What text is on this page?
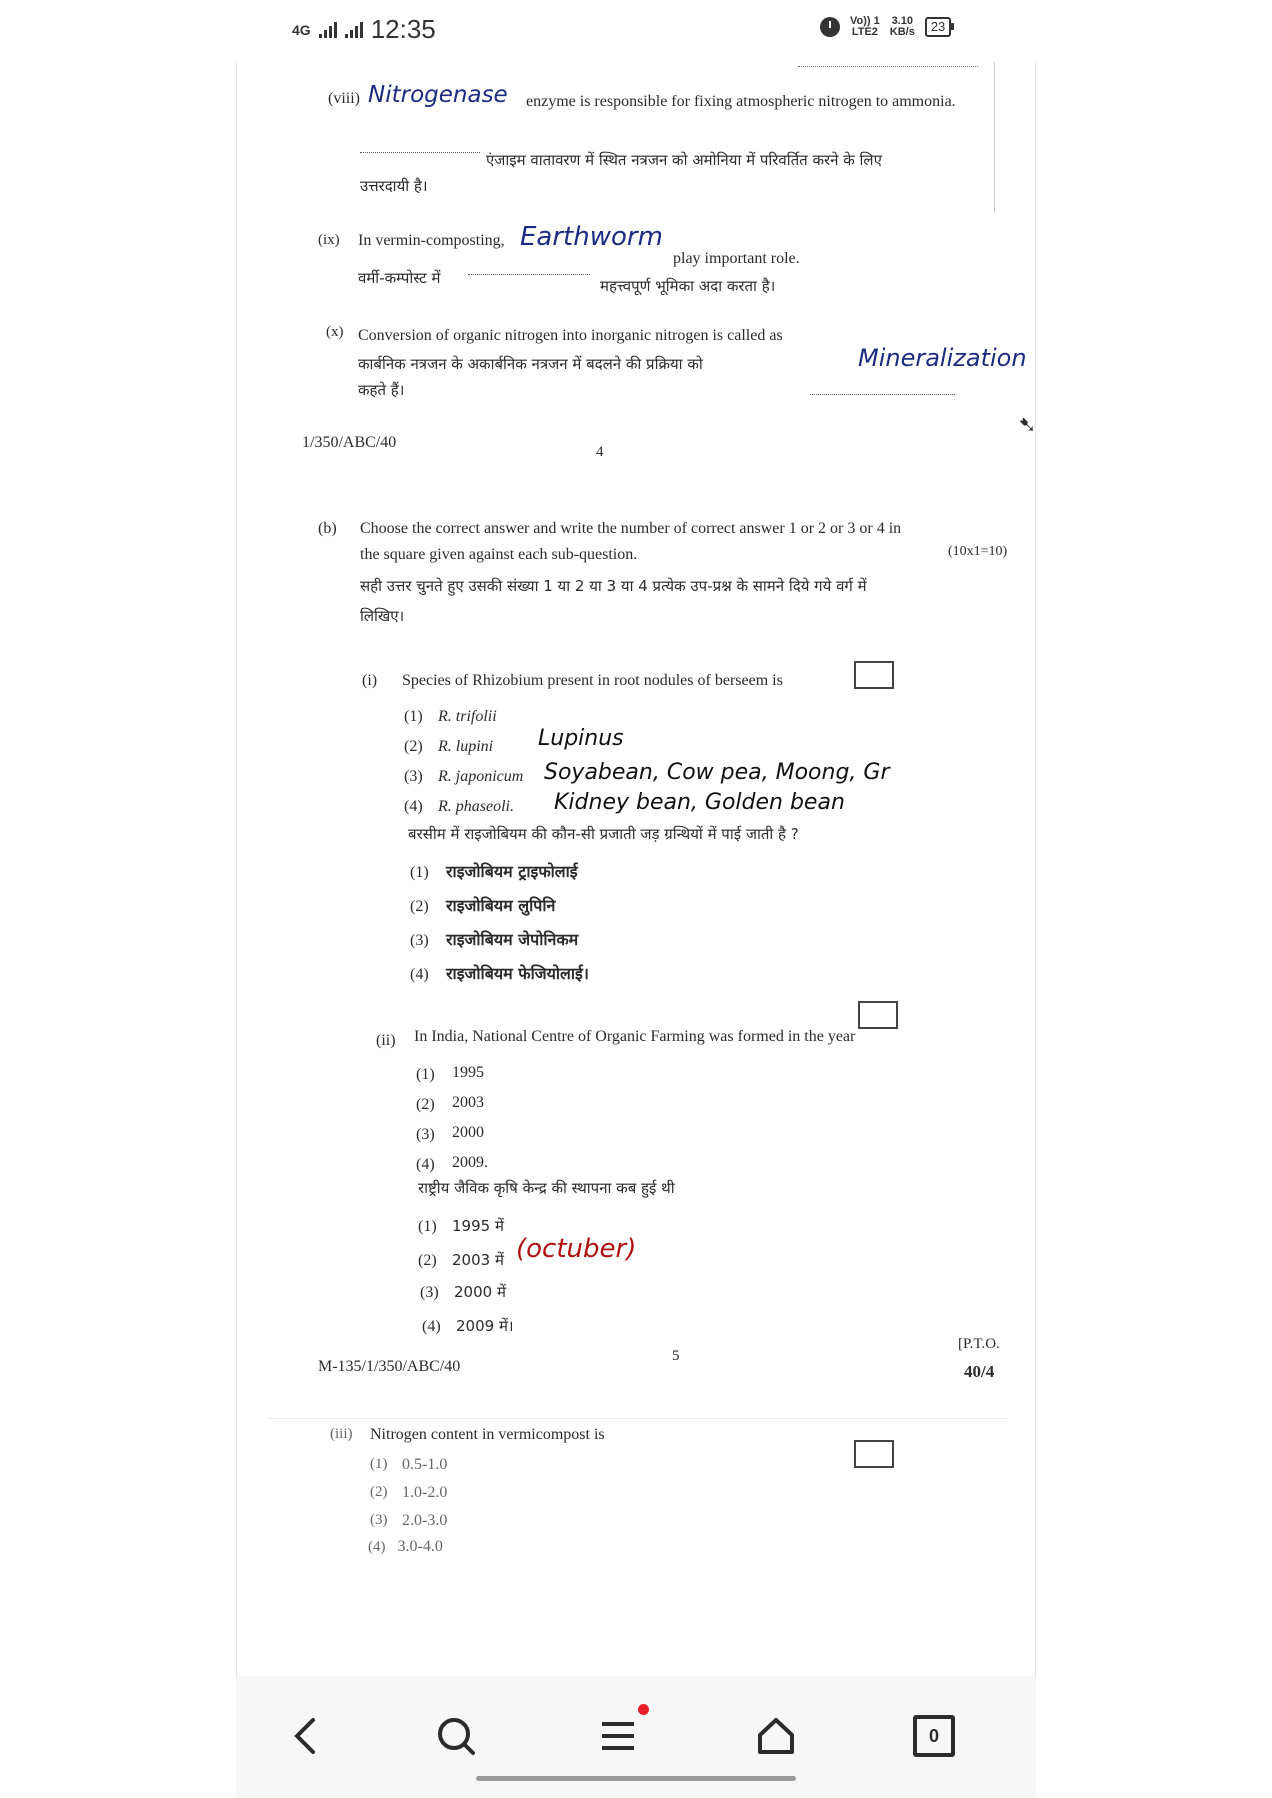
4G 12:35	Vo)) 1
LTE2
3.10
KB/s	23
(viii) Nitrogenase enzyme is responsible for fixing atmospheric nitrogen to ammonia.
एंजाइम वातावरण में स्थित नत्रजन को अमोनिया में परिवर्तित करने के लिए
उत्तरदायी है।
(ix) In vermin-composting, Earthworm
play important role.
वर्मी-कम्पोस्ट में	महत्त्वपूर्ण भूमिका अदा करता है।
(x) Conversion of organic nitrogen into inorganic nitrogen is called as
Mineralization
कार्बनिक नत्रजन के अकार्बनिक नत्रजन में बदलने की प्रक्रिया को
कहते हैं।
1/350/ABC/40
4
➷
(b) Choose the correct answer and write the number of correct answer 1 or 2 or 3 or 4 in
the square given against each sub-question.	(10x1=10)
सही उत्तर चुनते हुए उसकी संख्या 1 या 2 या 3 या 4 प्रत्येक उप-प्रश्न के सामने दिये गये वर्ग में
लिखिए।
(i) Species of Rhizobium present in root nodules of berseem is
(1) R. trifolii
(2) R. lupini Lupinus
(3) R. japonicum Soyabean, Cow pea, Moong, Gr
(4) R. phaseoli. Kidney bean, Golden bean
बरसीम में राइजोबियम की कौन-सी प्रजाती जड़ ग्रन्थियों में पाई जाती है ?
(1) राइजोबियम ट्राइफोलाई
(2) राइजोबियम लुपिनि
(3) राइजोबियम जेपोनिकम
(4) राइजोबियम फेजियोलाई।
(ii) In India, National Centre of Organic Farming was formed in the year
(1) 1995
(2) 2003
(3) 2000
(4) 2009.
राष्ट्रीय जैविक कृषि केन्द्र की स्थापना कब हुई थी
(1) 1995 में
(2) 2003 में (octuber)
(3) 2000 में
(4) 2009 में।
M-135/1/350/ABC/40
5
[P.T.O.
40/4
(iii) Nitrogen content in vermicompost is
(1) 0.5-1.0
(2) 1.0-2.0
(3) 2.0-3.0
(4) 3.0-4.0
0
